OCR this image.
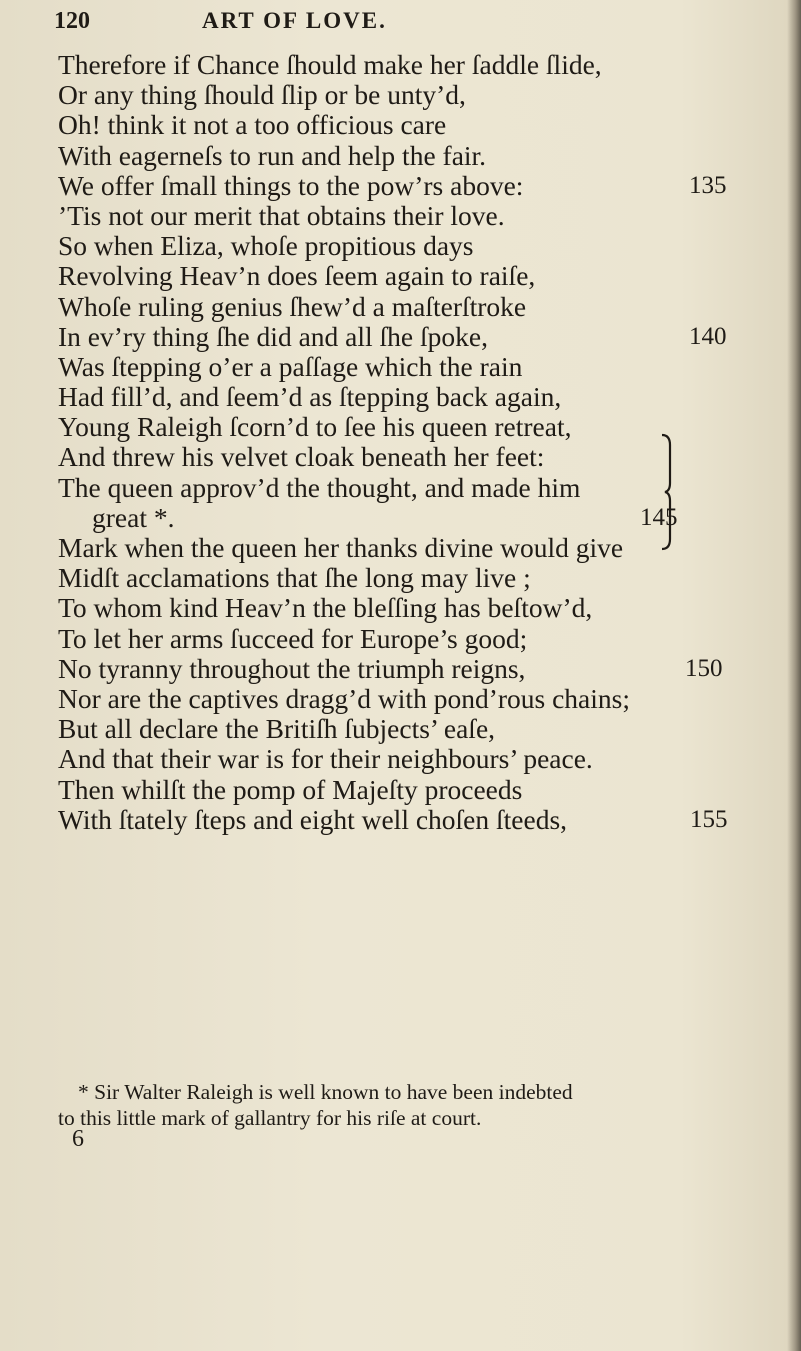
120	ART OF LOVE.
Therefore if Chance ſhould make her ſaddle ſlide,
Or any thing ſhould ſlip or be unty’d,
Oh! think it not a too officious care
With eagerneſs to run and help the fair.
We offer ſmall things to the pow’rs above:	135
’Tis not our merit that obtains their love.
So when Eliza, whoſe propitious days
Revolving Heav’n does ſeem again to raiſe,
Whoſe ruling genius ſhew’d a maſterſtroke
In ev’ry thing ſhe did and all ſhe ſpoke,	140
Was ſtepping o’er a paſſage which the rain
Had fill’d, and ſeem’d as ſtepping back again,
Young Raleigh ſcorn’d to ſee his queen retreat,
And threw his velvet cloak beneath her feet:
The queen approv’d the thought, and made him
great *.	145
Mark when the queen her thanks divine would give
Midſt acclamations that ſhe long may live ;
To whom kind Heav’n the bleſſing has beſtow’d,
To let her arms ſucceed for Europe’s good;
No tyranny throughout the triumph reigns,	150
Nor are the captives dragg’d with pond’rous chains;
But all declare the Britiſh ſubjects’ eaſe,
And that their war is for their neighbours’ peace.
Then whilſt the pomp of Majeſty proceeds
With ſtately ſteps and eight well choſen ſteeds,	155
* Sir Walter Raleigh is well known to have been indebted
to this little mark of gallantry for his riſe at court.
6
